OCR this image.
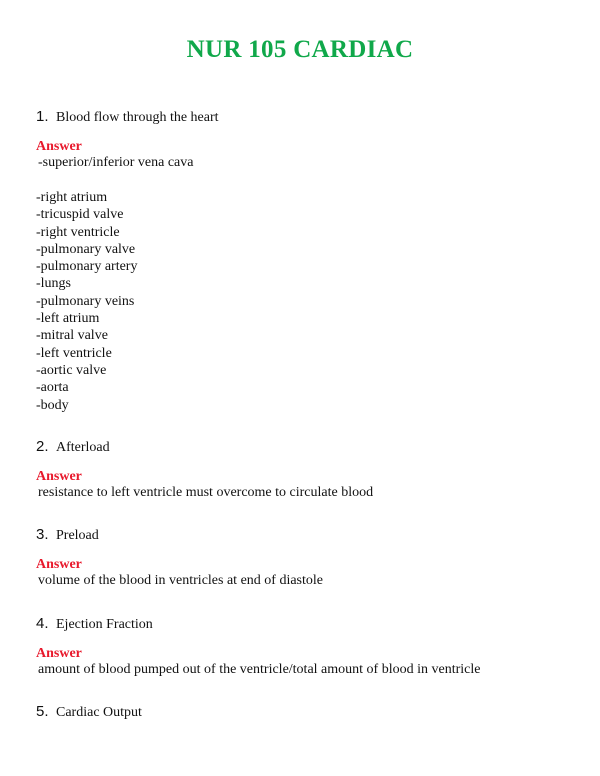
NUR 105 CARDIAC
1. Blood flow through the heart
Answer
-superior/inferior vena cava
-right atrium
-tricuspid valve
-right ventricle
-pulmonary valve
-pulmonary artery
-lungs
-pulmonary veins
-left atrium
-mitral valve
-left ventricle
-aortic valve
-aorta
-body
2. Afterload
Answer
resistance to left ventricle must overcome to circulate blood
3. Preload
Answer
volume of the blood in ventricles at end of diastole
4. Ejection Fraction
Answer
amount of blood pumped out of the ventricle/total amount of blood in ventricle
5. Cardiac Output
